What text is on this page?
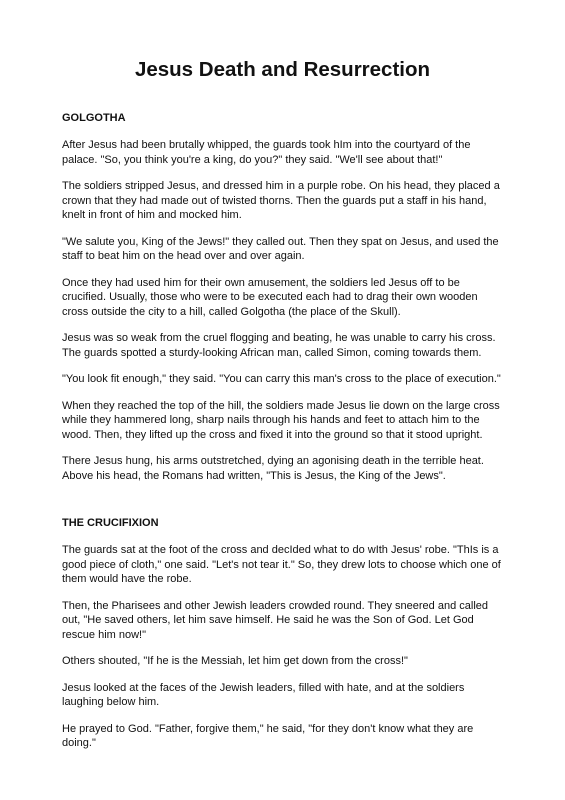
Jesus Death and Resurrection
GOLGOTHA

After Jesus had been brutally whipped, the guards took hIm into the courtyard of the palace. "So, you think you're a king, do you?" they said. "We'll see about that!"

The soldiers stripped Jesus, and dressed him in a purple robe. On his head, they placed a crown that they had made out of twisted thorns. Then the guards put a staff in his hand, knelt in front of him and mocked him.

"We salute you, King of the Jews!" they called out. Then they spat on Jesus, and used the staff to beat him on the head over and over again.

Once they had used him for their own amusement, the soldiers led Jesus off to be crucified. Usually, those who were to be executed each had to drag their own wooden cross outside the city to a hill, called Golgotha (the place of the Skull).

Jesus was so weak from the cruel flogging and beating, he was unable to carry his cross. The guards spotted a sturdy-looking African man, called Simon, coming towards them.

"You look fit enough," they said. "You can carry this man's cross to the place of execution."

When they reached the top of the hill, the soldiers made Jesus lie down on the large cross while they hammered long, sharp nails through his hands and feet to attach him to the wood. Then, they lifted up the cross and fixed it into the ground so that it stood upright.

There Jesus hung, his arms outstretched, dying an agonising death in the terrible heat. Above his head, the Romans had written, "This is Jesus, the King of the Jews".

THE CRUCIFIXION

The guards sat at the foot of the cross and decIded what to do wIth Jesus' robe. "ThIs is a good piece of cloth," one said. "Let's not tear it." So, they drew lots to choose which one of them would have the robe.

Then, the Pharisees and other Jewish leaders crowded round. They sneered and called out, "He saved others, let him save himself. He said he was the Son of God. Let God rescue him now!"

Others shouted, "If he is the Messiah, let him get down from the cross!"

Jesus looked at the faces of the Jewish leaders, filled with hate, and at the soldiers laughing below him.

He prayed to God. "Father, forgive them," he said, "for they don't know what they are doing."
